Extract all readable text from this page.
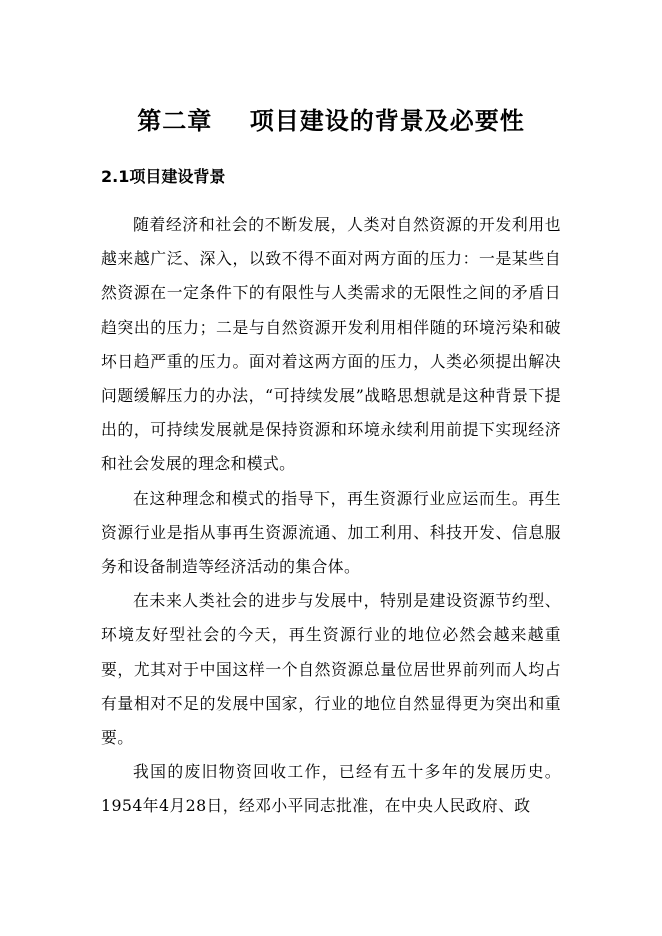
第二章    项目建设的背景及必要性
2.1项目建设背景

随着经济和社会的不断发展，人类对自然资源的开发利用也越来越广泛、深入，以致不得不面对两方面的压力：一是某些自然资源在一定条件下的有限性与人类需求的无限性之间的矛盾日趋突出的压力；二是与自然资源开发利用相伴随的环境污染和破坏日趋严重的压力。面对着这两方面的压力，人类必须提出解决问题缓解压力的办法，“可持续发展”战略思想就是这种背景下提出的，可持续发展就是保持资源和环境永续利用前提下实现经济和社会发展的理念和模式。

在这种理念和模式的指导下，再生资源行业应运而生。再生资源行业是指从事再生资源流通、加工利用、科技开发、信息服务和设备制造等经济活动的集合体。

在未来人类社会的进步与发展中，特别是建设资源节约型、环境友好型社会的今天，再生资源行业的地位必然会越来越重要，尤其对于中国这样一个自然资源总量位居世界前列而人均占有量相对不足的发展中国家，行业的地位自然显得更为突出和重要。

我国的废旧物资回收工作，已经有五十多年的发展历史。1954年4月28日，经邓小平同志批准，在中央人民政府、政
